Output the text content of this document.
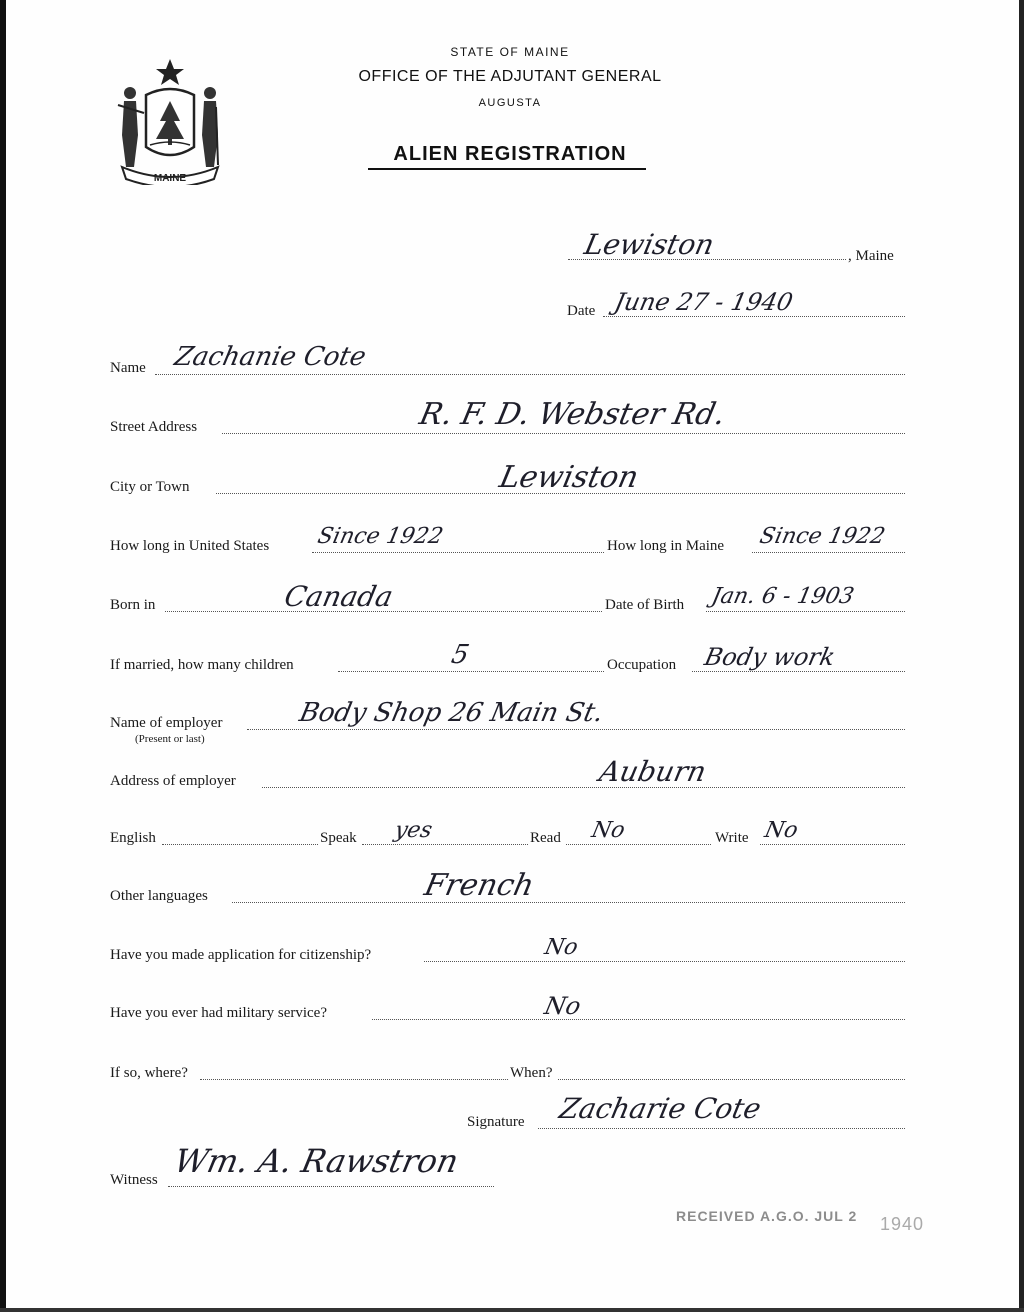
MAINE
STATE OF MAINE
OFFICE OF THE ADJUTANT GENERAL
AUGUSTA
ALIEN REGISTRATION
Lewiston	, Maine
Date June 27 - 1940
Name Zachanie Cote
Street Address	R. F. D. Webster Rd.
City or Town	Lewiston
How long in United States Since 1922	How long in Maine Since 1922
Born in	Canada	Date of Birth Jan. 6 - 1903
If married, how many children	5	Occupation Body work
Name of employer
(Present or last)
Body Shop 26 Main St.
Address of employer	Auburn
English	Speak yes	Read No	Write No
Other languages	French
Have you made application for citizenship?	No
Have you ever had military service?	No
If so, where?	When?
Signature Zacharie Cote
Witness Wm. A. Rawstron
RECEIVED A.G.O. JUL 2 1940
